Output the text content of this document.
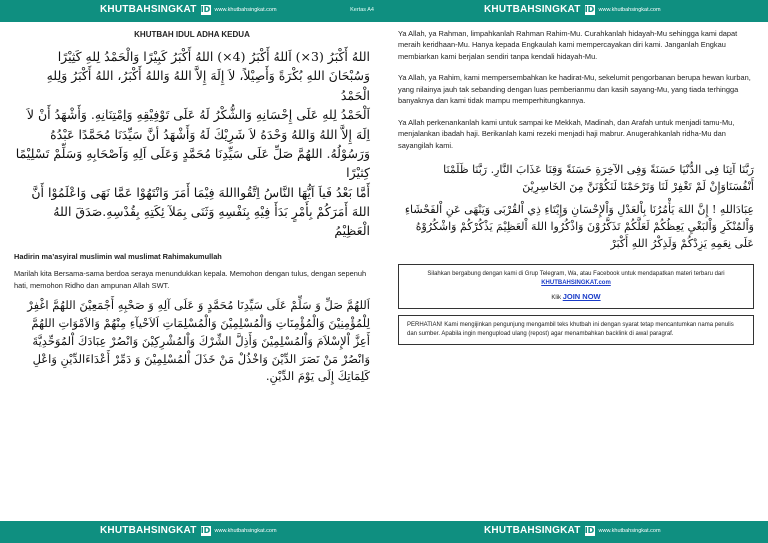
KHUTBAHSINGKAT ID www.khutbahsingkat.com	Kertas A4
KHUTBAH IDUL ADHA KEDUA
اللهُ أَكْبَرُ (3×) اَللهُ أَكْبَرُ (4×) اللهُ أَكْبَرُ كَبِيْرًا وَالْحَمْدُ لِلهِ كَثِيْرًا وَسُبْحَانَ اللهِ بُكْرَةً وَأَصِيْلاً، لاَ إِلَهَ إِلاَّ اللهُ وَاللهُ أَكْبَرُ، اللهُ أَكْبَرُ وَلِلهِ الْحَمْدُ
اَلْحَمْدُ لِلهِ عَلَى إِحْسَانِهِ وَالشُّكْرُ لَهُ عَلَى تَوْفِيْقِهِ وَاِمْتِنَانِهِ. وَأَشْهَدُ أَنْ لاَ اِلَهَ إِلاَّ اللهُ وَاللهُ وَحْدَهُ لاَ شَرِيْكَ لَهُ وَأَشْهَدُ أنَّ سَيِّدَنَا مُحَمَّدًا عَبْدُهُ وَرَسُوْلُهُ. اللهُمَّ صَلِّ عَلَى سَيِّدِنَا مُحَمَّدٍ وَعَلَى اَلِهِ وَاَصْحَابِهِ وَسَلِّمْ تَسْلِيْمًا كِثيْرًا
أَمَّا بَعْدُ فَياَ اَيُّهَا النَّاسُ اِتَّقُوااللهَ فِيْمَا أَمَرَ وَانْتَهُوْا عَمَّا نَهَى وَاعْلَمُوْا أَنَّ اللهَ أَمَرَكُمْ بِأَمْرٍ بَدَأَ فِيْهِ بِنَفْسِهِ وَثَنَى بِمَلآ ئِكَتِهِ بِقُدْسِهِ.صَدَقَ اللهُ الْعَظِيْمُ
Hadirin ma’asyiral muslimin wal muslimat Rahimakumullah
Marilah kita Bersama-sama berdoa seraya menundukkan kepala. Memohon dengan tulus, dengan sepenuh hati, memohon Ridho dan ampunan Allah SWT.
اَللهُمَّ صَلِّ وَ سَلِّمْ عَلَى سَيِّدِنَا مُحَمَّدٍ وَ عَلَى آلِهِ وَ صَحْبِهِ أَجْمَعِيْنَ اللهُمَّ اغْفِرْ لِلْمُؤْمِنِيْنَ وَالْمُؤْمِنَاتِ وَالْمُسْلِمِيْنَ وَالْمُسْلِمَاتِ اَلاَحْيآءِ مِنْهُمْ وَالاَمْوَاتِ اللهُمَّ أَعِزَّ اْلإِسْلاَمَ وَاْلمُسْلِمِيْنَ وَأَذِلَّ الشِّرْكَ وَاْلمُشْرِكِيْنَ وَانْصُرْ عِبَادَكَ اْلمُوَحِّدِيَّةَ وَانْصُرْ مَنْ نَصَرَ الدِّيْنَ وَاخْذُلْ مَنْ خَذَلَ اْلمُسْلِمِيْنَ وَ دَمِّرْ أَعْدَاءَالدِّيْنِ وَاعْلِ كَلِمَاتِكَ إِلَى يَوْمَ الدِّيْنِ.
KHUTBAHSINGKAT ID www.khutbahsingkat.com
KHUTBAHSINGKAT ID www.khutbahsingkat.com
Ya Allah, ya Rahman, limpahkanlah Rahman Rahim-Mu. Curahkanlah hidayah-Mu sehingga kami dapat meraih keridhaan-Mu. Hanya kepada Engkaulah kami mempercayakan diri kami. Janganlah Engkau membiarkan kami berjalan sendiri tanpa kendali hidayah-Mu.
Ya Allah, ya Rahim, kami mempersembahkan ke hadirat-Mu, sekelumit pengorbanan berupa hewan kurban, yang nilainya jauh tak sebanding dengan luas pemberianmu dan kasih sayang-Mu, yang tiada terhingga banyaknya dan kami tidak mampu memperhitungkannya.
Ya Allah perkenankanlah kami untuk sampai ke Mekkah, Madinah, dan Arafah untuk menjadi tamu-Mu, menjalankan ibadah haji. Berikanlah kami rezeki menjadi haji mabrur. Anugerahkanlah ridha-Mu dan sayangilah kami.
رَبَّنَا آتِنَا فِى الدُّنْيَا حَسَنَةً وَفِى الآخِرَةِ حَسَنَةً وَقِنَا عَذَابَ النَّارِ. رَبَّنَا ظَلَمْنَا أَنْفُسَنَاوَإِنْ لَمْ تَغْفِرْ لَنَا وَتَرْحَمْنَا لَنَكُوْنَنَّ مِنَ الخَاسِرِيْنَ
عِبَادَاللهِ ! إِنَّ اللهَ يَأْمُرُنَا بِاْلعَدْلِ وَاْلإِحْسَانِ وَإِيْتَاءِ ذِي اْلقُرْبَى وَيَنْهَى عَنِ اْلفَحْشَاءِ وَاْلمُنْكَرِ وَاْلبَغْيِ يَعِظُكُمْ لَعَلَّكُمْ تَذَكَّرُوْنَ وَاذْكُرُوا اللهَ اْلعَظِيْمَ يَذْكُرْكُمْ وَاشْكُرُوْهُ عَلَى نِعَمِهِ يَزِدْكُمْ وَلَذِكْرُ اللهِ أَكْبَرْ
Silahkan bergabung dengan kami di Grup Telegram, Wa, atau Facebook untuk mendapatkan materi terbaru dari KHUTBAHSINGKAT.com
Klik JOIN NOW
PERHATIAN! Kami mengijinkan pengunjung mengambil teks khutbah ini dengan syarat tetap mencantumkan nama penulis dan sumber. Apabila ingin mengupload ulang (repost) agar menambahkan backlink di awal paragraf.
KHUTBAHSINGKAT ID www.khutbahsingkat.com
